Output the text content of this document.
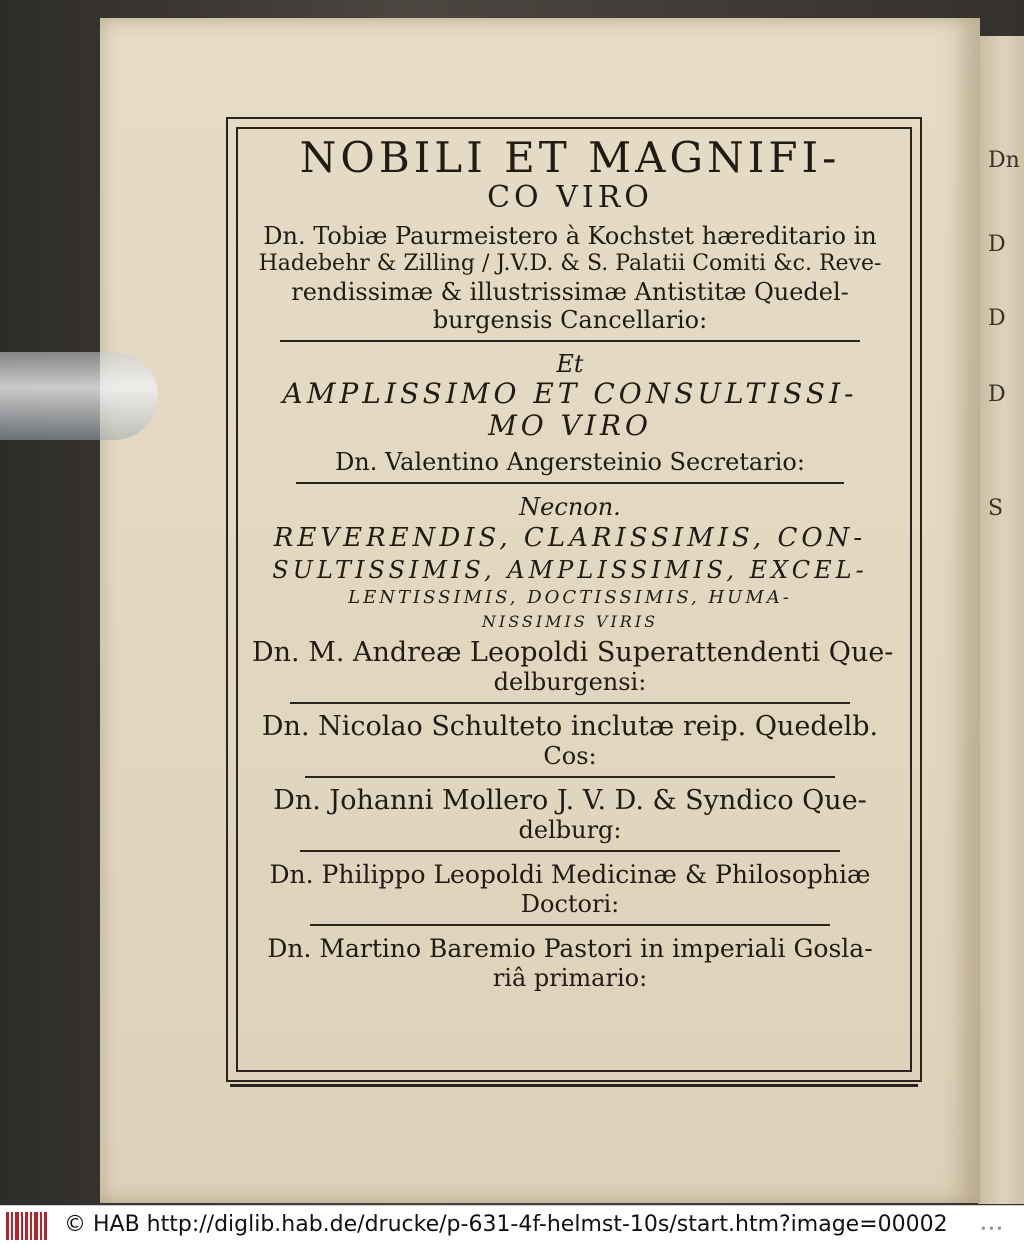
Dn
D
D
D
S

NOBILI ET MAGNIFI-

CO VIRO

Dn. Tobiæ Paurmeistero à Kochstet hæreditario in

Hadebehr & Zilling / J.V.D. & S. Palatii Comiti &c. Reve-

rendissimæ & illustrissimæ Antistitæ Quedel-

burgensis Cancellario:

Et

AMPLISSIMO ET CONSULTISSI-

MO VIRO

Dn. Valentino Angersteinio Secretario:

Necnon.

REVERENDIS, CLARISSIMIS, CON-

SULTISSIMIS, AMPLISSIMIS, EXCEL-

LENTISSIMIS, DOCTISSIMIS, HUMA-

NISSIMIS VIRIS

Dn. M. Andreæ Leopoldi Superattendenti Que-

delburgensi:

Dn. Nicolao Schulteto inclutæ reip. Quedelb.

Cos:

Dn. Johanni Mollero J. V. D. & Syndico Que-

delburg:

Dn. Philippo Leopoldi Medicinæ & Philosophiæ

Doctori:

Dn. Martino Baremio Pastori in imperiali Gosla-

riâ primario:

© HAB http://diglib.hab.de/drucke/p-631-4f-helmst-10s/start.htm?image=00002	•••
